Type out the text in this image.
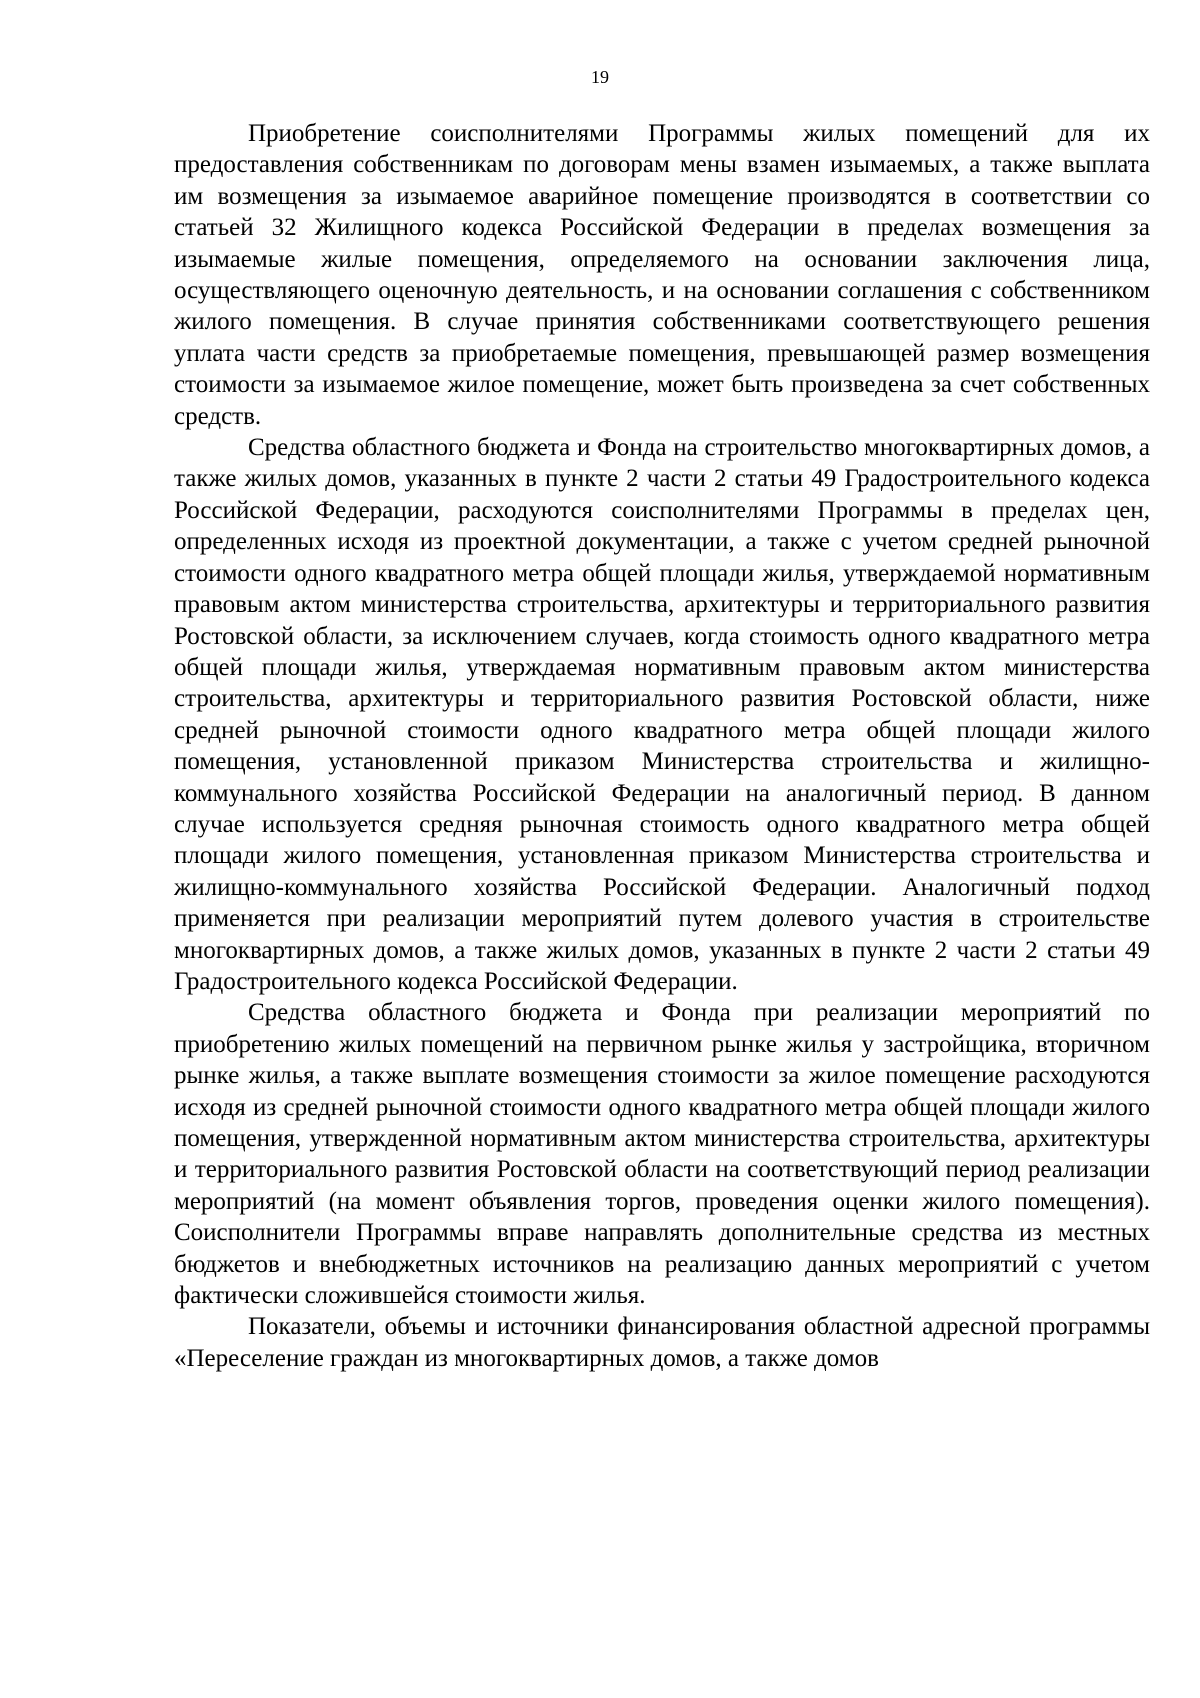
19

Приобретение соисполнителями Программы жилых помещений для их предоставления собственникам по договорам мены взамен изымаемых, а также выплата им возмещения за изымаемое аварийное помещение производятся в соответствии со статьей 32 Жилищного кодекса Российской Федерации в пределах возмещения за изымаемые жилые помещения, определяемого на основании заключения лица, осуществляющего оценочную деятельность, и на основании соглашения с собственником жилого помещения. В случае принятия собственниками соответствующего решения уплата части средств за приобретаемые помещения, превышающей размер возмещения стоимости за изымаемое жилое помещение, может быть произведена за счет собственных средств.

Средства областного бюджета и Фонда на строительство многоквартирных домов, а также жилых домов, указанных в пункте 2 части 2 статьи 49 Градостроительного кодекса Российской Федерации, расходуются соисполнителями Программы в пределах цен, определенных исходя из проектной документации, а также с учетом средней рыночной стоимости одного квадратного метра общей площади жилья, утверждаемой нормативным правовым актом министерства строительства, архитектуры и территориального развития Ростовской области, за исключением случаев, когда стоимость одного квадратного метра общей площади жилья, утверждаемая нормативным правовым актом министерства строительства, архитектуры и территориального развития Ростовской области, ниже средней рыночной стоимости одного квадратного метра общей площади жилого помещения, установленной приказом Министерства строительства и жилищно-коммунального хозяйства Российской Федерации на аналогичный период. В данном случае используется средняя рыночная стоимость одного квадратного метра общей площади жилого помещения, установленная приказом Министерства строительства и жилищно-коммунального хозяйства Российской Федерации. Аналогичный подход применяется при реализации мероприятий путем долевого участия в строительстве многоквартирных домов, а также жилых домов, указанных в пункте 2 части 2 статьи 49 Градостроительного кодекса Российской Федерации.

Средства областного бюджета и Фонда при реализации мероприятий по приобретению жилых помещений на первичном рынке жилья у застройщика, вторичном рынке жилья, а также выплате возмещения стоимости за жилое помещение расходуются исходя из средней рыночной стоимости одного квадратного метра общей площади жилого помещения, утвержденной нормативным актом министерства строительства, архитектуры и территориального развития Ростовской области на соответствующий период реализации мероприятий (на момент объявления торгов, проведения оценки жилого помещения). Соисполнители Программы вправе направлять дополнительные средства из местных бюджетов и внебюджетных источников на реализацию данных мероприятий с учетом фактически сложившейся стоимости жилья.

Показатели, объемы и источники финансирования областной адресной программы «Переселение граждан из многоквартирных домов, а также домов
